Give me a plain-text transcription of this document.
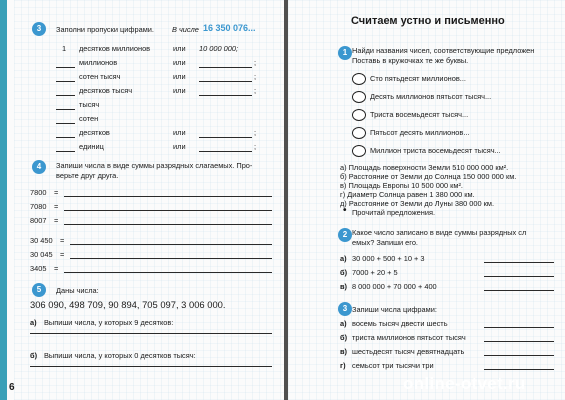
3	Заполни пропуски цифрами. В числе 16 350 076...
1 десятков миллионов	или 10 000 000;
миллионов	или	;
сотен тысяч	или	;
десятков тысяч	или	;
тысяч
сотен
десятков	или	;
единиц	или	;
4	Запиши числа в виде суммы разрядных слагаемых. Про-
верьте друг друга.
7800 =
7080 =
8007 =
30 450 =
30 045 =
3405 =
5	Даны числа:
306 090, 498 709, 90 894, 705 097, 3 006 000.
а) Выпиши числа, у которых 9 десятков:
б) Выпиши числа, у которых 0 десятков тысяч:
6
Считаем устно и письменно
1 Найди названия чисел, соответствующие предложен
Поставь в кружочках те же буквы.
Сто пятьдесят миллионов...
Десять миллионов пятьсот тысяч...
Триста восемьдесят тысяч...
Пятьсот десять миллионов...
Миллион триста восемьдесят тысяч...
а) Площадь поверхности Земли 510 000 000 км².
б) Расстояние от Земли до Солнца 150 000 000 км.
в) Площадь Европы 10 500 000 км².
г) Диаметр Солнца равен 1 380 000 км.
д) Расстояние от Земли до Луны 380 000 км.
• Прочитай предложения.
2 Какое число записано в виде суммы разрядных сл
емых? Запиши его.
а) 30 000 + 500 + 10 + 3
б) 7000 + 20 + 5
в) 8 000 000 + 70 000 + 400
3 Запиши числа цифрами:
а) восемь тысяч двести шесть
б) триста миллионов пятьсот тысяч
в) шестьдесят тысяч девятнадцать
г) семьсот три тысячи три
online-otvet.ru
